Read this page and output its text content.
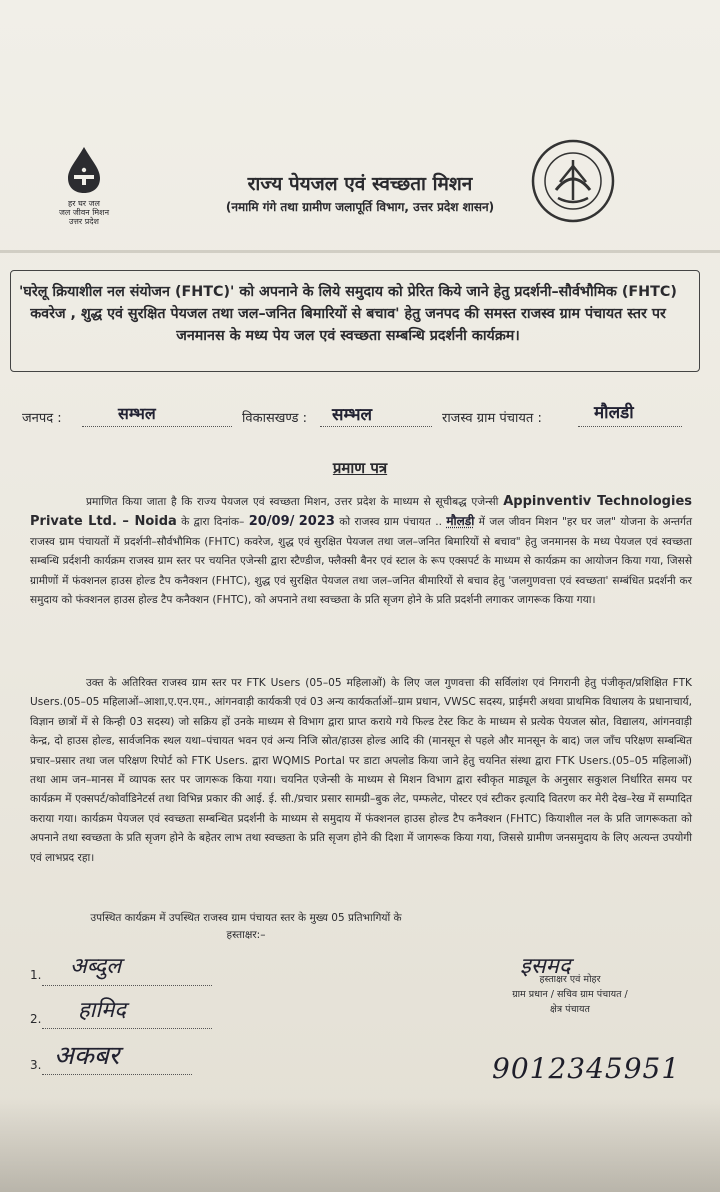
हर घर जल
जल जीवन मिशन
उत्तर प्रदेश
राज्य पेयजल एवं स्वच्छता मिशन
(नमामि गंगे तथा ग्रामीण जलापूर्ति विभाग, उत्तर प्रदेश शासन)
'घरेलू क्रियाशील नल संयोजन (FHTC)' को अपनाने के लिये समुदाय को प्रेरित किये जाने हेतु प्रदर्शनी–सौर्वभौमिक (FHTC) कवरेज , शुद्ध एवं सुरक्षित पेयजल तथा जल–जनित बिमारियों से बचाव' हेतु जनपद की समस्त राजस्व ग्राम पंचायत स्तर पर जनमानस के मध्य पेय जल एवं स्वच्छता सम्बन्धि प्रदर्शनी कार्यक्रम।
जनपद :	सम्भल	विकासखण्ड : सम्भल	राजस्व ग्राम पंचायत :	मौलडी
प्रमाण पत्र
प्रमाणित किया जाता है कि राज्य पेयजल एवं स्वच्छता मिशन, उत्तर प्रदेश के माध्यम से सूचीबद्ध एजेन्सी Appinventiv Technologies Private Ltd. – Noida के द्वारा दिनांक– 20/09/ 2023 को राजस्व ग्राम पंचायत .. मौलडी में जल जीवन मिशन "हर घर जल" योजना के अन्तर्गत राजस्व ग्राम पंचायतों में प्रदर्शनी–सौर्वभौमिक (FHTC) कवरेज, शुद्ध एवं सुरक्षित पेयजल तथा जल–जनित बिमारियों से बचाव" हेतु जनमानस के मध्य पेयजल एवं स्वच्छता सम्बन्धि प्रर्दशनी कार्यक्रम राजस्व ग्राम स्तर पर चयनित एजेन्सी द्वारा स्टैण्डीज, फ्लैक्सी बैनर एवं स्टाल के रूप एक्सपर्ट के माध्यम से कार्यक्रम का आयोजन किया गया, जिससे ग्रामीणों में फंक्शनल हाउस होल्ड टैप कनैक्शन (FHTC), शुद्ध एवं सुरक्षित पेयजल तथा जल–जनित बीमारियों से बचाव हेतु 'जलगुणवत्ता एवं स्वच्छता' सम्बंधित प्रदर्शनी कर समुदाय को फंक्शनल हाउस होल्ड टैप कनैक्शन (FHTC), को अपनाने तथा स्वच्छता के प्रति सृजग होने के प्रति प्रदर्शनी लगाकर जागरूक किया गया।
उक्त के अतिरिक्त राजस्व ग्राम स्तर पर FTK Users (05–05 महिलाओं) के लिए जल गुणवत्ता की सर्विलांश एवं निगरानी हेतु पंजीकृत/प्रशिक्षित FTK Users.(05–05 महिलाओं–आशा,ए.एन.एम., आंगनवाड़ी कार्यकत्री एवं 03 अन्य कार्यकर्ताओं–ग्राम प्रधान, VWSC सदस्य, प्राईमरी अथवा प्राथमिक विधालय के प्रधानाचार्य, विज्ञान छात्रों में से किन्ही 03 सदस्य) जो सक्रिय हों उनके माध्यम से विभाग द्वारा प्राप्त कराये गये फिल्ड टेस्ट किट के माध्यम से प्रत्येक पेयजल स्रोत, विद्यालय, आंगनवाड़ी केन्द्र, दो हाउस होल्ड, सार्वजनिक स्थल यथा–पंचायत भवन एवं अन्य निजि स्रोत/हाउस होल्ड आदि की (मानसून से पहले और मानसून के बाद) जल जाँच परिक्षण सम्बन्धित प्रचार–प्रसार तथा जल परिक्षण रिपोर्ट को FTK Users. द्वारा WQMIS Portal पर डाटा अपलोड किया जाने हेतु चयनित संस्था द्वारा FTK Users.(05–05 महिलाओं) तथा आम जन–मानस में व्यापक स्तर पर जागरूक किया गया। चयनित एजेन्सी के माध्यम से मिशन विभाग द्वारा स्वीकृत माड्यूल के अनुसार सकुशल निर्धारित समय पर कार्यक्रम में एक्सपर्ट/कोर्वाडिनेटर्स तथा विभिन्न प्रकार की आई. ई. सी./प्रचार प्रसार सामग्री–बुक लेट, पम्फलेट, पोस्टर एवं स्टीकर इत्यादि वितरण कर मेरी देख–रेख में सम्पादित कराया गया। कार्यक्रम पेयजल एवं स्वच्छता सम्बन्धित प्रदर्शनी के माध्यम से समुदाय में फंक्शनल हाउस होल्ड टैप कनैक्शन (FHTC) कियाशील नल के प्रति जागरूकता को अपनाने तथा स्वच्छता के प्रति सृजग होने के बहेतर लाभ तथा स्वच्छता के प्रति सृजग होने की दिशा में जागरूक किया गया, जिससे ग्रामीण जनसमुदाय के लिए अत्यन्त उपयोगी एवं लाभप्रद रहा।
उपस्थित कार्यक्रम में उपस्थित राजस्व ग्राम पंचायत स्तर के मुख्य 05 प्रतिभागियों के
हस्ताक्षर:–
1. अब्दुल
2. हामिद
3. अकबर
इसमद
हस्ताक्षर एवं मोहर
ग्राम प्रधान / सचिव ग्राम पंचायत /
क्षेत्र पंचायत
9012345951
